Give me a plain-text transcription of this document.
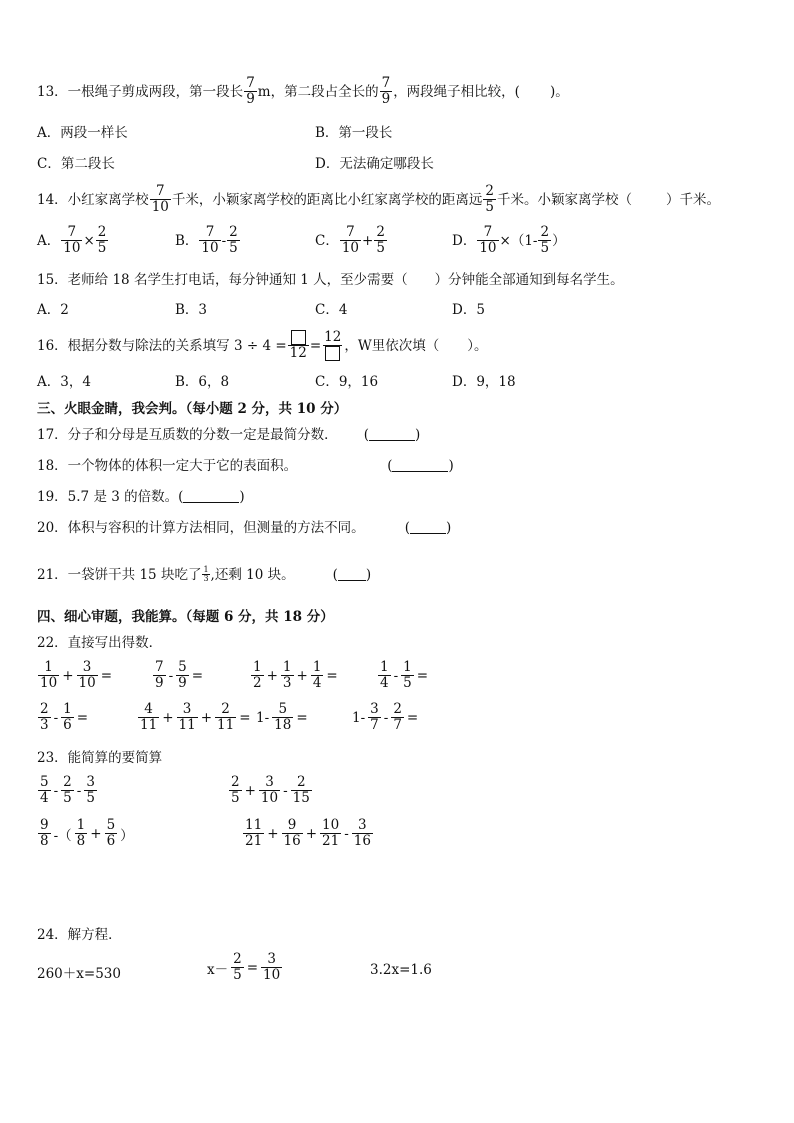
13．一根绳子剪成两段，第一段长
7
9 m，第二段占全长的
7
9 ，两段绳子相比较，( )。
A．两段一样长	B．第一段长
C．第二段长	D．无法确定哪段长
14．小红家离学校
7
10 千米，小颖家离学校的距离比小红家离学校的距离远
2
5 千米。小颖家离学校（	）千米。
A． $\frac{7}{10} \times \frac{2}{5}$	B．
7
10 -
2
5	C．
7
$10 + \frac{2}{5}$	D． $\frac{7}{10} \times(1-$
2
5 ）
15．老师给 18 名学生打电话，每分钟通知 1 人，至少需要（　　）分钟能全部通知到每名学生。
A．2	B．3	C．4	D．5
16．根据分数与除法的关系填写 3 ÷ 4 = 12 =
12
，W里依次填（ ）。
A．3，4	B．6，8	C．9，16	D．9，18
三、火眼金睛，我会判。（每小题 2 分，共 10 分）
17．分子和分母是互质数的分数一定是最简分数． (	)
18．一个物体的体积一定大于它的表面积。	(	)
19．5.7 是 3 的倍数。(	)
20．体积与容积的计算方法相同，但测量的方法不同。	(	)
21．一袋饼干共 15 块吃了 1
3 ,还剩 10 块。	( )
四、细心审题，我能算。（每题 6 分，共 18 分）
22．直接写出得数．
1
$10 + \frac{3}{10}$ =
7
$9 - \frac{5}{9}$ =
1
$2 + \frac{1}{3} + \frac{1}{4}$ =
1
$4 - \frac{1}{5}$ =
2
$3 - \frac{1}{6}$ =
4
$11 + \frac{3}{11} + \frac{2}{11} = 1- \frac{5}{18}$ =	1-
3
$7 - \frac{2}{7}$ =
23．能简算的要简算
5
4 -
2
5 -
3
5
2
$5 + \frac{3}{10}$ -
2
15
9
8 -（
1
$8 + \frac{5}{6}$ ）
11
$21 + \frac{9}{16} + \frac{10}{21}$ -
3
16
24．解方程．
260＋x=530	$x- \frac{2}{5} = \frac{3}{10}$	3.2x=1.6
